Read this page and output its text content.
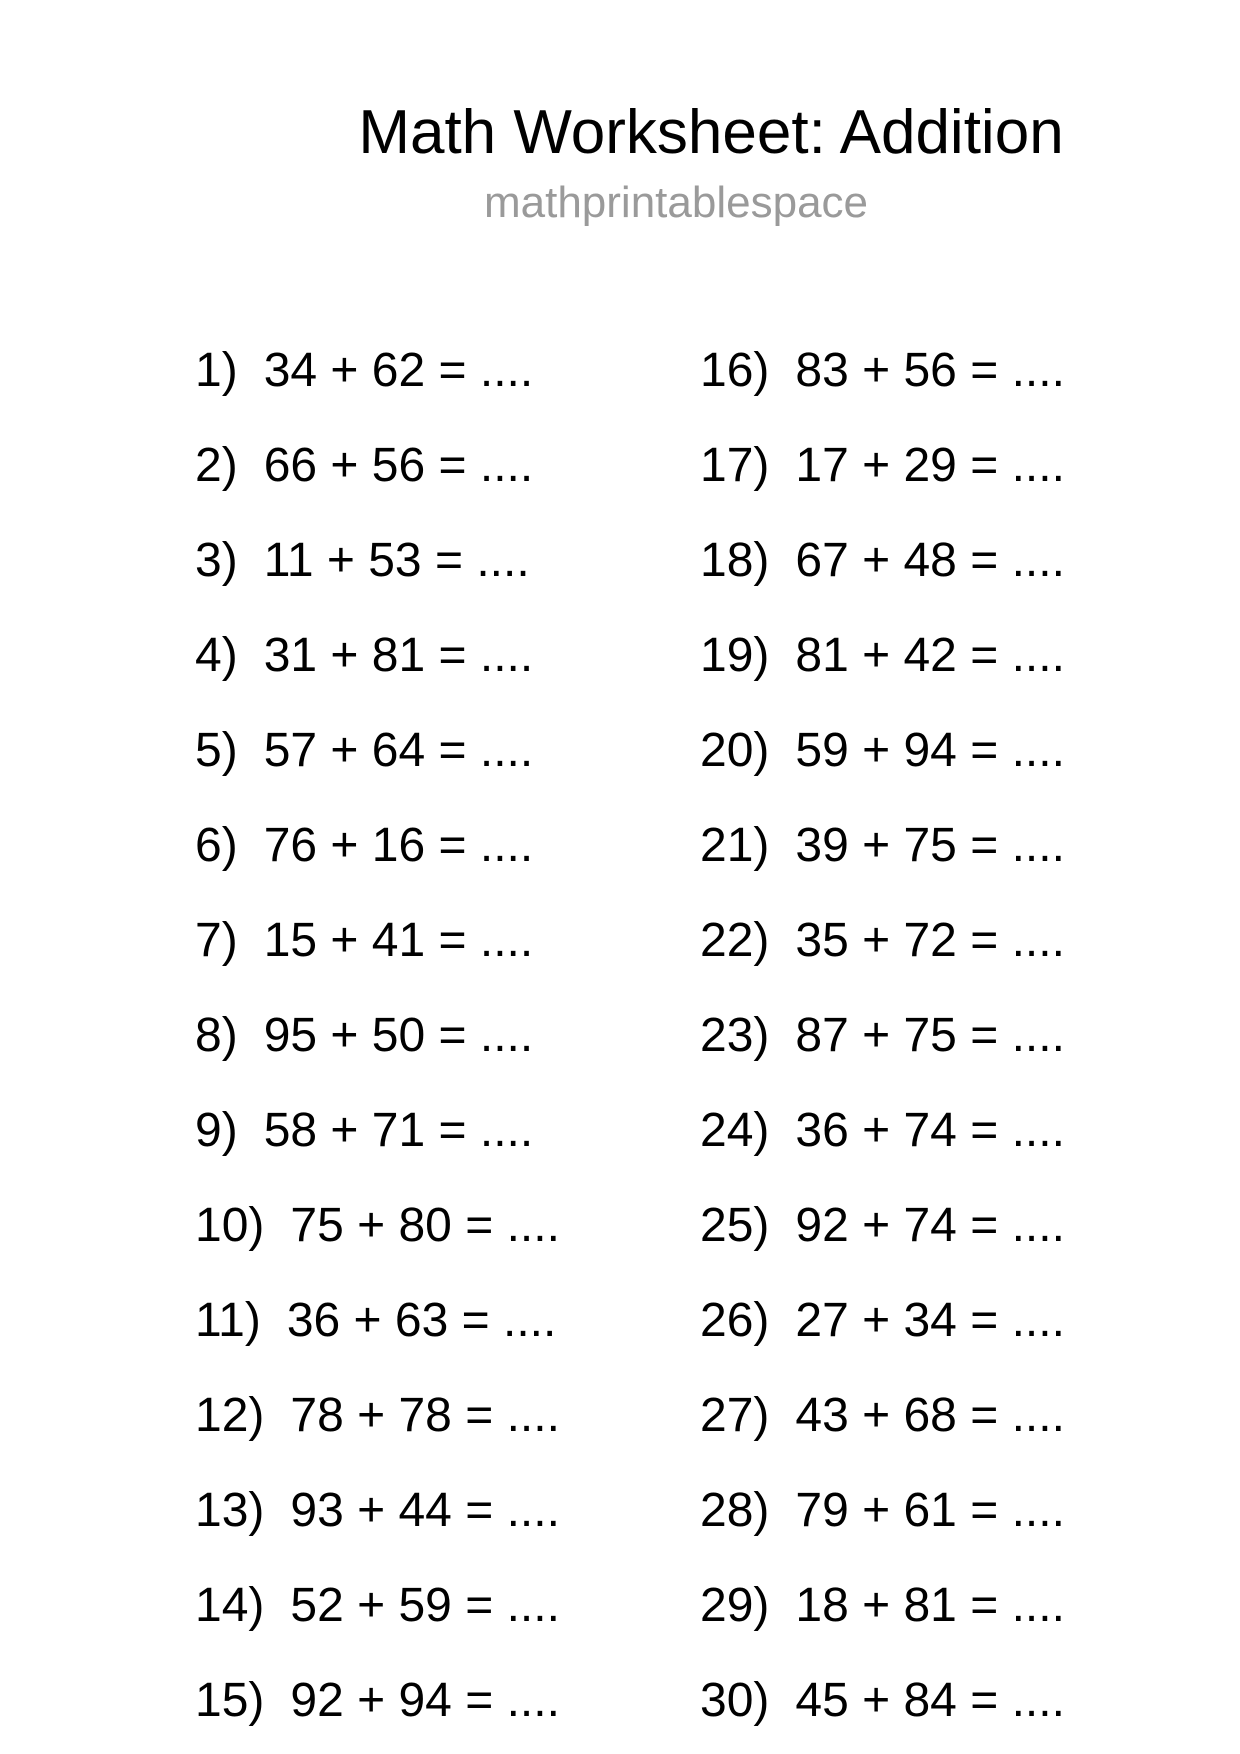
Math Worksheet: Addition
mathprintablespace
1) 34 + 62 = ....
2) 66 + 56 = ....
3) 11 + 53 = ....
4) 31 + 81 = ....
5) 57 + 64 = ....
6) 76 + 16 = ....
7) 15 + 41 = ....
8) 95 + 50 = ....
9) 58 + 71 = ....
10) 75 + 80 = ....
11) 36 + 63 = ....
12) 78 + 78 = ....
13) 93 + 44 = ....
14) 52 + 59 = ....
15) 92 + 94 = ....
16) 83 + 56 = ....
17) 17 + 29 = ....
18) 67 + 48 = ....
19) 81 + 42 = ....
20) 59 + 94 = ....
21) 39 + 75 = ....
22) 35 + 72 = ....
23) 87 + 75 = ....
24) 36 + 74 = ....
25) 92 + 74 = ....
26) 27 + 34 = ....
27) 43 + 68 = ....
28) 79 + 61 = ....
29) 18 + 81 = ....
30) 45 + 84 = ....
